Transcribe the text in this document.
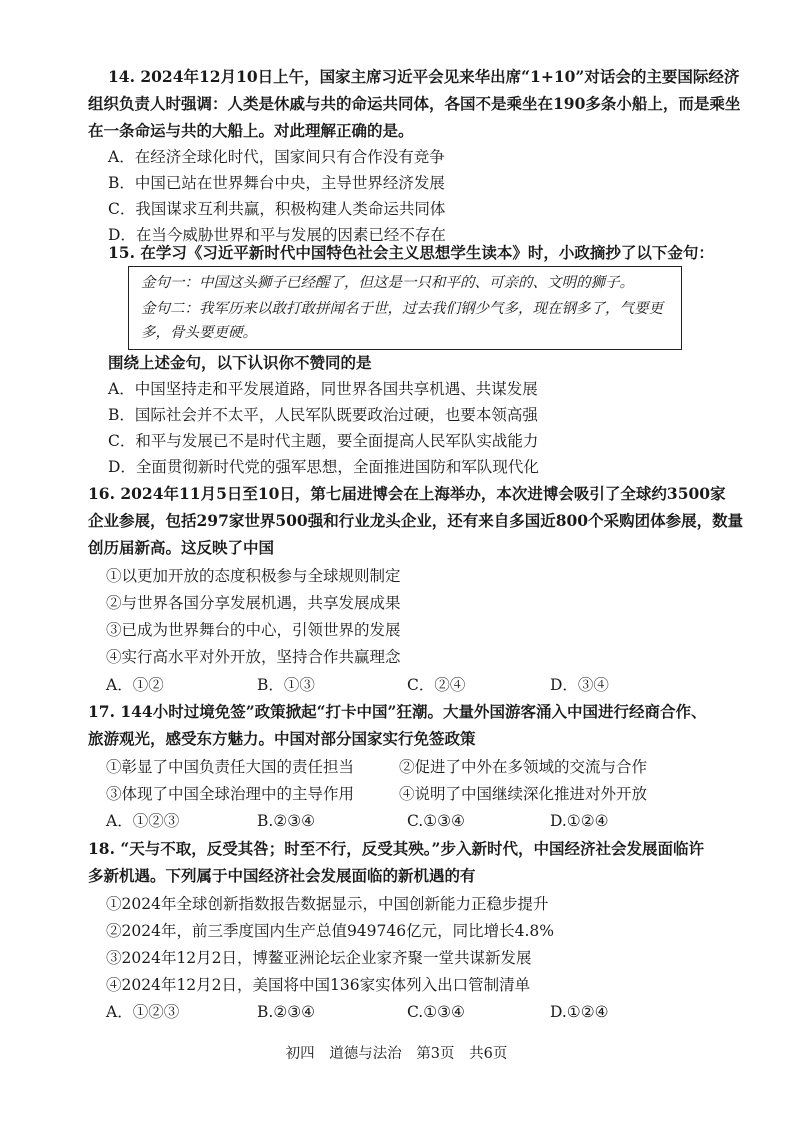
14. 2024年12月10日上午，国家主席习近平会见来华出席“1+10”对话会的主要国际经济
组织负责人时强调：人类是休戚与共的命运共同体，各国不是乘坐在190多条小船上，而是乘坐
在一条命运与共的大船上。对此理解正确的是。
A．在经济全球化时代，国家间只有合作没有竞争
B．中国已站在世界舞台中央，主导世界经济发展
C．我国谋求互利共赢，积极构建人类命运共同体
D．在当今威胁世界和平与发展的因素已经不存在
15. 在学习《习近平新时代中国特色社会主义思想学生读本》时，小政摘抄了以下金句：
金句一：中国这头狮子已经醒了，但这是一只和平的、可亲的、文明的狮子。
金句二：我军历来以敢打敢拼闻名于世，过去我们钢少气多，现在钢多了，气要更
多，骨头要更硬。
围绕上述金句，以下认识你不赞同的是
A．中国坚持走和平发展道路，同世界各国共享机遇、共谋发展
B．国际社会并不太平，人民军队既要政治过硬，也要本领高强
C．和平与发展已不是时代主题，要全面提高人民军队实战能力
D．全面贯彻新时代党的强军思想，全面推进国防和军队现代化
16. 2024年11月5日至10日，第七届进博会在上海举办，本次进博会吸引了全球约3500家
企业参展，包括297家世界500强和行业龙头企业，还有来自多国近800个采购团体参展，数量
创历届新高。这反映了中国
①以更加开放的态度积极参与全球规则制定
②与世界各国分享发展机遇，共享发展成果
③已成为世界舞台的中心，引领世界的发展
④实行高水平对外开放，坚持合作共赢理念
A．①②	B．①③	C．②④	D．③④
17. 144小时过境免签”政策掀起“打卡中国”狂潮。大量外国游客涌入中国进行经商合作、
旅游观光，感受东方魅力。中国对部分国家实行免签政策
①彰显了中国负责任大国的责任担当	②促进了中外在多领域的交流与合作
③体现了中国全球治理中的主导作用	④说明了中国继续深化推进对外开放
A．①②③	B.②③④	C.①③④	D.①②④
18. “天与不取，反受其咎；时至不行，反受其殃。”步入新时代，中国经济社会发展面临许
多新机遇。下列属于中国经济社会发展面临的新机遇的有
①2024年全球创新指数报告数据显示，中国创新能力正稳步提升
②2024年，前三季度国内生产总值949746亿元，同比增长4.8%
③2024年12月2日，博鳌亚洲论坛企业家齐聚一堂共谋新发展
④2024年12月2日，美国将中国136家实体列入出口管制清单
A．①②③	B.②③④	C.①③④	D.①②④
初四 道德与法治 第3页 共6页
